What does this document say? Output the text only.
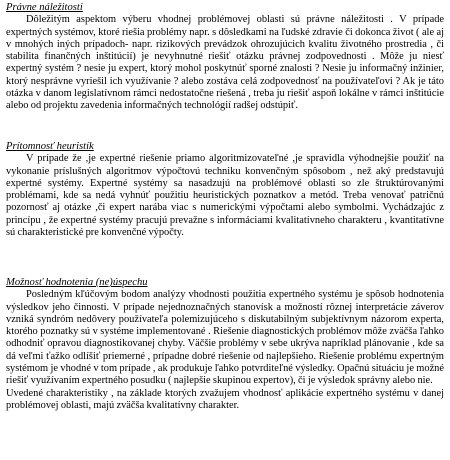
Právne náležitosti

Dôležitým aspektom výberu vhodnej problémovej oblasti sú právne náležitosti . V prípade expertných systémov, ktoré riešia problémy napr. s dôsledkami na ľudské zdravie či dokonca život ( ale aj v mnohých iných prípadoch- napr. rizikových prevádzok ohrozujúcich kvalitu životného prostredia , či stabilita finančných inštitúcií) je nevyhnutné riešiť otázku právnej zodpovednosti . Môže ju niesť expertný systém ? nesie ju expert, ktorý mohol poskytnúť sporné znalosti ? Nesie ju informačný inžinier, ktorý nesprávne vyriešil ich využívanie ? alebo zostáva celá zodpovednosť na používateľovi ? Ak je táto otázka v danom legislatívnom rámci nedostatočne riešená , treba ju riešiť aspoň lokálne v rámci inštitúcie alebo od projektu zavedenia informačných technológií radšej odstúpiť.

Prítomnosť heuristík

V prípade že ,je expertné riešenie priamo algoritmizovateľné ,je spravidla výhodnejšie použiť na vykonanie príslušných algoritmov výpočtovú techniku konvenčným spôsobom , než aký predstavujú expertné systémy. Expertné systémy sa nasadzujú na problémové oblasti so zle štruktúrovanými problémami, kde sa nedá vyhnúť použitiu heuristických poznatkov a metód. Treba venovať patričnú pozornosť aj otázke ,či expert narába viac s numerickými výpočtami alebo symbolmi. Vychádzajúc z princípu , že expertné systémy pracujú prevažne s informáciami kvalitatívneho charakteru , kvantitatívne sú charakteristické pre konvenčné výpočty.

Možnosť hodnotenia (ne)úspechu

Posledným kľúčovým bodom analýzy vhodnosti použitia expertného systému je spôsob hodnotenia výsledkov jeho činnosti. V prípade nejednoznačných stanovísk a možností rôznej interpretácie záverov vzniká syndróm nedôvery používateľa polemizujúceho s diskutabilným subjektívnym názorom experta, ktorého poznatky sú v systéme implementované . Riešenie diagnostických problémov môže zväčša ľahko odhodniť opravou diagnostikovanej chyby. Väčšie problémy v sebe ukrýva napríklad plánovanie , kde sa dá veľmi ťažko odlíšiť priemerné , prípadne dobré riešenie od najlepšieho. Riešenie problému expertným systémom je vhodné v tom prípade , ak produkuje ľahko potvrditeľné výsledky. Opačnú situáciu je možné riešiť využívaním expertného posudku ( najlepšie skupinou expertov), či je výsledok správny alebo nie.

Uvedené charakteristiky , na základe ktorých zvažujem vhodnosť aplikácie expertného systému v danej problémovej oblasti, majú zväčša kvalitatívny charakter.
